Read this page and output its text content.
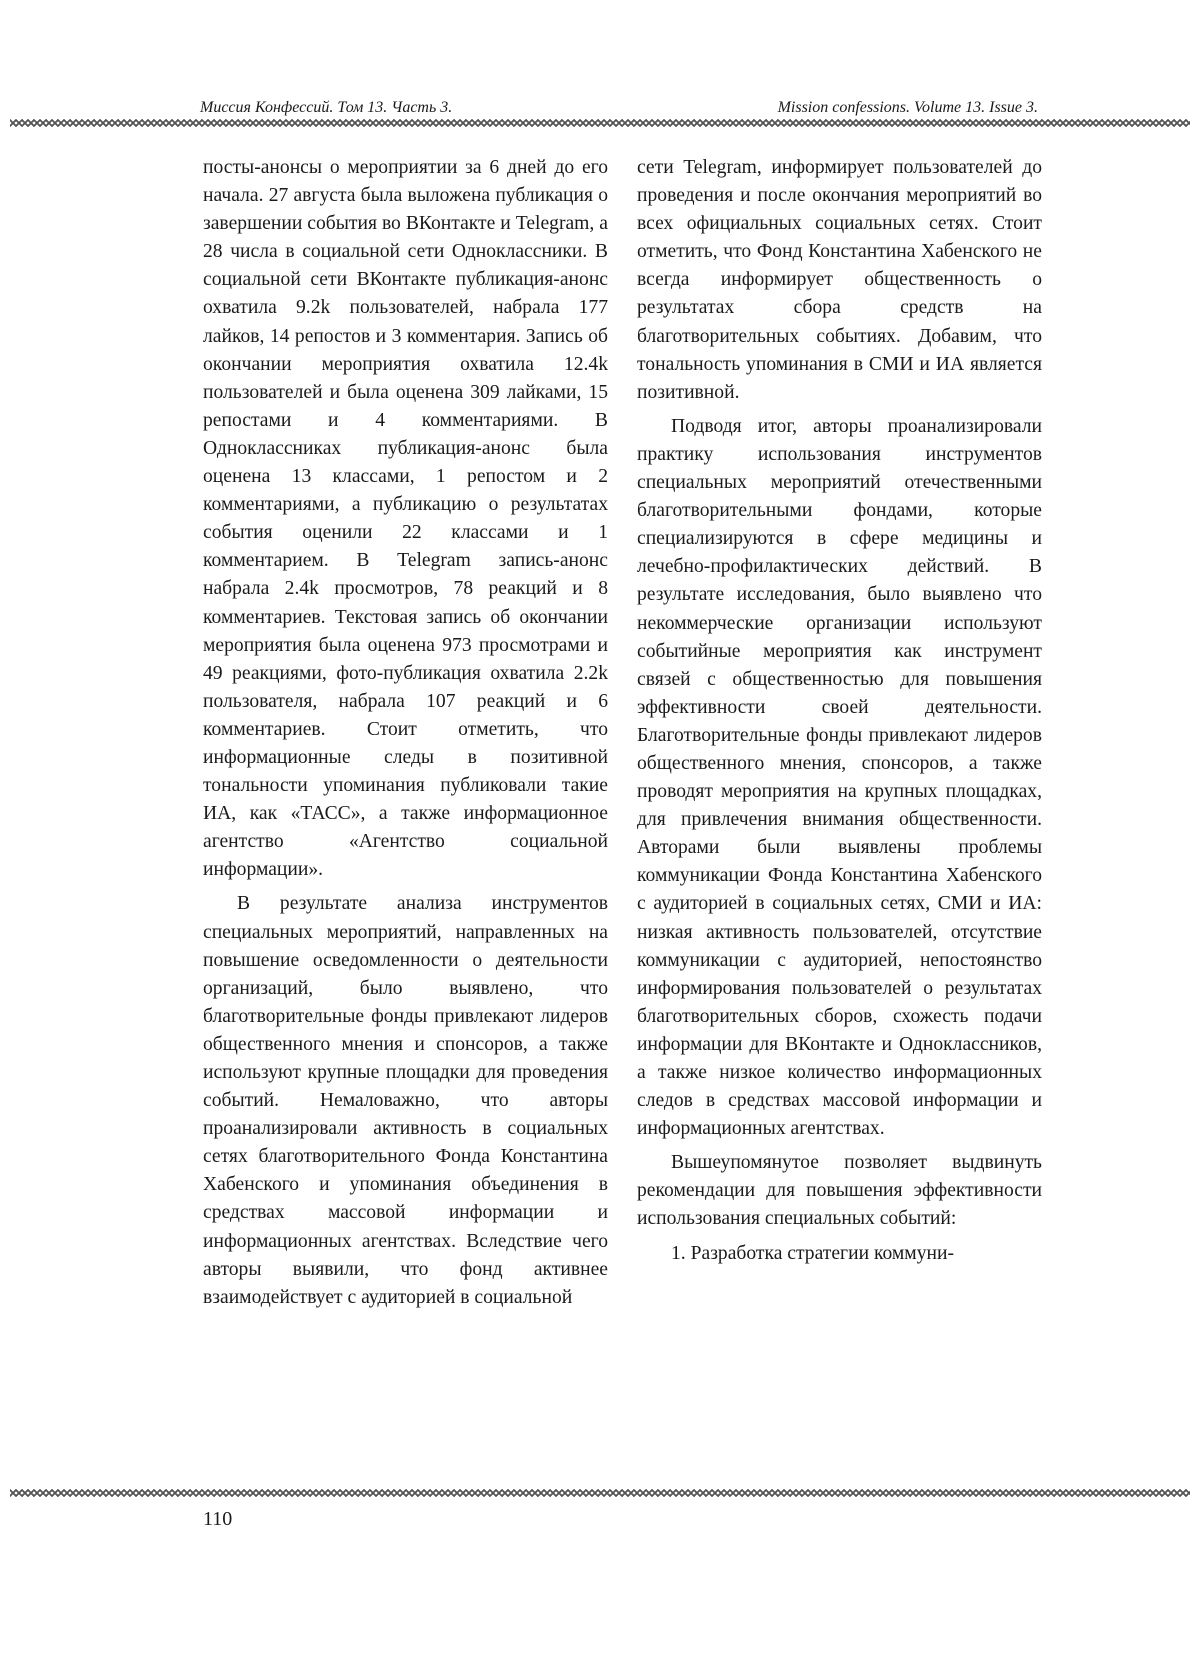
Миссия Конфессий. Том 13. Часть 3.	Mission confessions. Volume 13. Issue 3.

посты-анонсы о мероприятии за 6 дней до его начала. 27 августа была выложена публикация о завершении события во ВКонтакте и Telegram, а 28 числа в социальной сети Одноклассники. В социальной сети ВКонтакте публикация-анонс охватила 9.2k пользователей, набрала 177 лайков, 14 репостов и 3 комментария. Запись об окончании мероприятия охватила 12.4k пользователей и была оценена 309 лайками, 15 репостами и 4 комментариями. В Одноклассниках публикация-анонс была оценена 13 классами, 1 репостом и 2 комментариями, а публикацию о результатах события оценили 22 классами и 1 комментарием. В Telegram запись-анонс набрала 2.4k просмотров, 78 реакций и 8 комментариев. Текстовая запись об окончании мероприятия была оценена 973 просмотрами и 49 реакциями, фото-публикация охватила 2.2k пользователя, набрала 107 реакций и 6 комментариев. Стоит отметить, что информационные следы в позитивной тональности упоминания публиковали такие ИА, как «ТАСС», а также информационное агентство «Агентство социальной информации».

В результате анализа инструментов специальных мероприятий, направленных на повышение осведомленности о деятельности организаций, было выявлено, что благотворительные фонды привлекают лидеров общественного мнения и спонсоров, а также используют крупные площадки для проведения событий. Немаловажно, что авторы проанализировали активность в социальных сетях благотворительного Фонда Константина Хабенского и упоминания объединения в средствах массовой информации и информационных агентствах. Вследствие чего авторы выявили, что фонд активнее взаимодействует с аудиторией в социальной

сети Telegram, информирует пользователей до проведения и после окончания мероприятий во всех официальных социальных сетях. Стоит отметить, что Фонд Константина Хабенского не всегда информирует общественность о результатах сбора средств на благотворительных событиях. Добавим, что тональность упоминания в СМИ и ИА является позитивной.

Подводя итог, авторы проанализировали практику использования инструментов специальных мероприятий отечественными благотворительными фондами, которые специализируются в сфере медицины и лечебно-профилактических действий. В результате исследования, было выявлено что некоммерческие организации используют событийные мероприятия как инструмент связей с общественностью для повышения эффективности своей деятельности. Благотворительные фонды привлекают лидеров общественного мнения, спонсоров, а также проводят мероприятия на крупных площадках, для привлечения внимания общественности. Авторами были выявлены проблемы коммуникации Фонда Константина Хабенского с аудиторией в социальных сетях, СМИ и ИА: низкая активность пользователей, отсутствие коммуникации с аудиторией, непостоянство информирования пользователей о результатах благотворительных сборов, схожесть подачи информации для ВКонтакте и Одноклассников, а также низкое количество информационных следов в средствах массовой информации и информационных агентствах.

Вышеупомянутое позволяет выдвинуть рекомендации для повышения эффективности использования специальных событий:

1. Разработка стратегии коммуни-

110
